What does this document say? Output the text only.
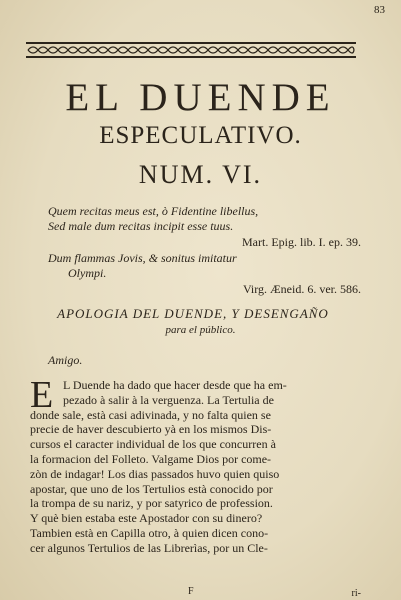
83
EL DUENDE
ESPECULATIVO.
NUM. VI.
Quem recitas meus est, ò Fidentine libellus,
Sed male dum recitas incipit esse tuus.
Mart. Epig. lib. I. ep. 39.
Dum flammas Jovis, & sonitus imitatur
Olympi.
Virg. Æneid. 6. ver. 586.
APOLOGIA DEL DUENDE, Y DESENGAÑO
para el público.
Amigo.
E L Duende ha dado que hacer desde que ha em-
pezado à salir à la verguenza. La Tertulia de
donde sale, està casi adivinada, y no falta quien se
precie de haver descubierto yà en los mismos Dis-
cursos el caracter individual de los que concurren à
la formacion del Folleto. Valgame Dios por come-
zòn de indagar! Los dias passados huvo quien quiso
apostar, que uno de los Tertulios està conocido por
la trompa de su nariz, y por satyrico de profession.
Y què bien estaba este Apostador con su dinero?
Tambien està en Capilla otro, à quien dicen cono-
cer algunos Tertulios de las Librerìas, por un Cle-
F	ri-
